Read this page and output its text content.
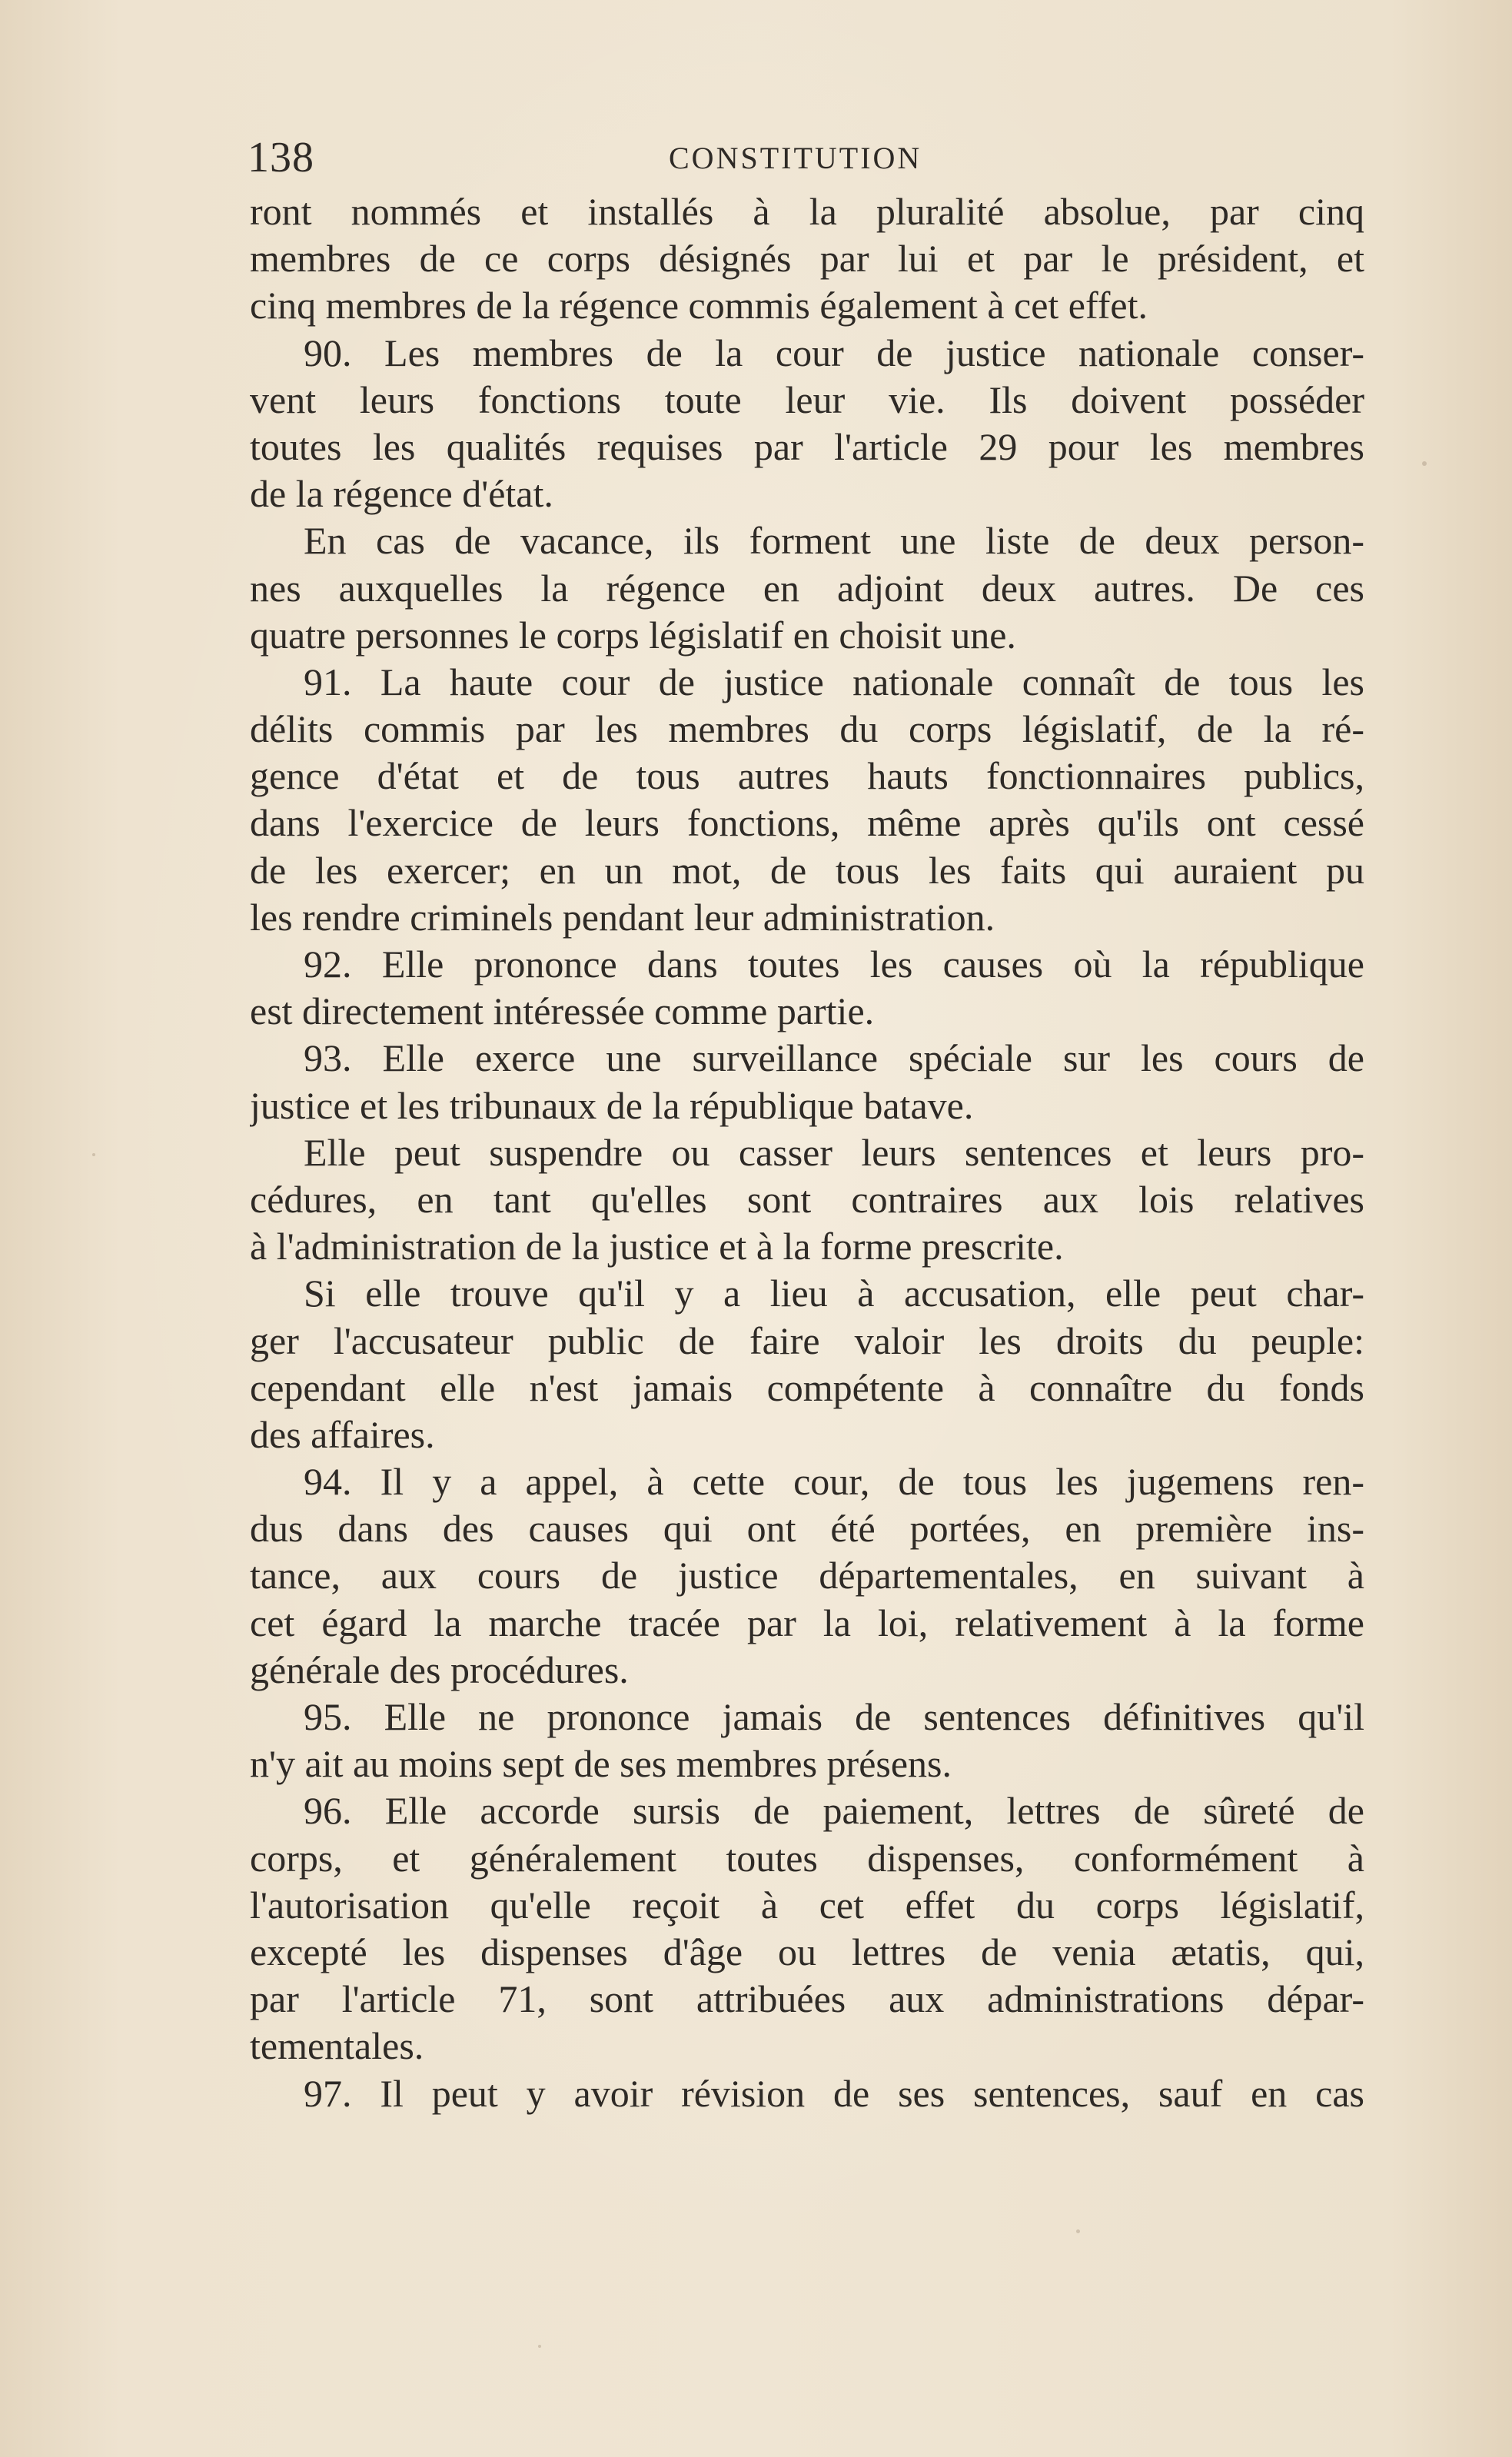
138	CONSTITUTION
ront nommés et installés à la pluralité absolue, par cinq
membres de ce corps désignés par lui et par le président, et
cinq membres de la régence commis également à cet effet.
90. Les membres de la cour de justice nationale conser-
vent leurs fonctions toute leur vie. Ils doivent posséder
toutes les qualités requises par l'article 29 pour les membres
de la régence d'état.
En cas de vacance, ils forment une liste de deux person-
nes auxquelles la régence en adjoint deux autres. De ces
quatre personnes le corps législatif en choisit une.
91. La haute cour de justice nationale connaît de tous les
délits commis par les membres du corps législatif, de la ré-
gence d'état et de tous autres hauts fonctionnaires publics,
dans l'exercice de leurs fonctions, même après qu'ils ont cessé
de les exercer; en un mot, de tous les faits qui auraient pu
les rendre criminels pendant leur administration.
92. Elle prononce dans toutes les causes où la république
est directement intéressée comme partie.
93. Elle exerce une surveillance spéciale sur les cours de
justice et les tribunaux de la république batave.
Elle peut suspendre ou casser leurs sentences et leurs pro-
cédures, en tant qu'elles sont contraires aux lois relatives
à l'administration de la justice et à la forme prescrite.
Si elle trouve qu'il y a lieu à accusation, elle peut char-
ger l'accusateur public de faire valoir les droits du peuple:
cependant elle n'est jamais compétente à connaître du fonds
des affaires.
94. Il y a appel, à cette cour, de tous les jugemens ren-
dus dans des causes qui ont été portées, en première ins-
tance, aux cours de justice départementales, en suivant à
cet égard la marche tracée par la loi, relativement à la forme
générale des procédures.
95. Elle ne prononce jamais de sentences définitives qu'il
n'y ait au moins sept de ses membres présens.
96. Elle accorde sursis de paiement, lettres de sûreté de
corps, et généralement toutes dispenses, conformément à
l'autorisation qu'elle reçoit à cet effet du corps législatif,
excepté les dispenses d'âge ou lettres de venia ætatis, qui,
par l'article 71, sont attribuées aux administrations dépar-
tementales.
97. Il peut y avoir révision de ses sentences, sauf en cas
